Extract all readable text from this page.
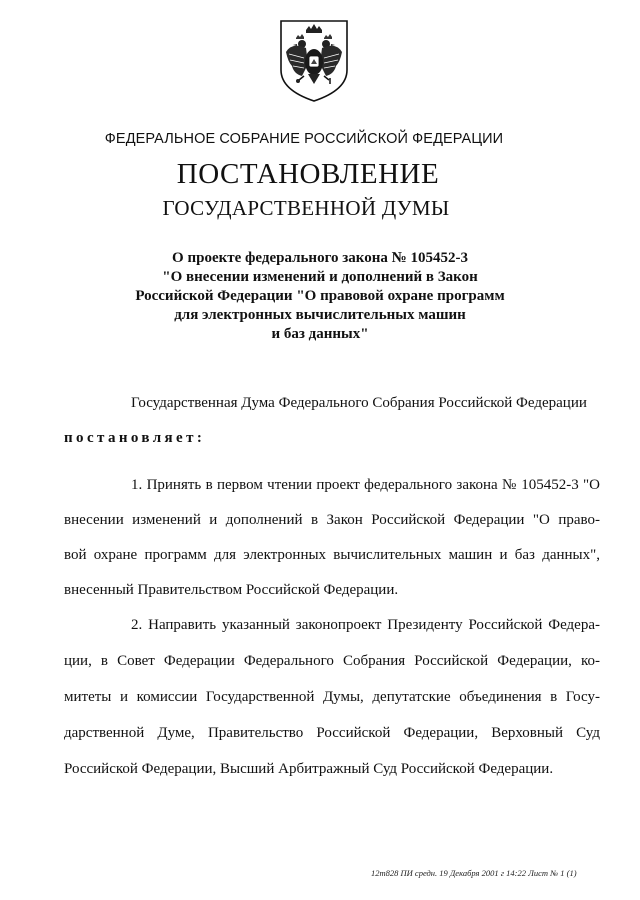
ФЕДЕРАЛЬНОЕ СОБРАНИЕ РОССИЙСКОЙ ФЕДЕРАЦИИ
ПОСТАНОВЛЕНИЕ
ГОСУДАРСТВЕННОЙ ДУМЫ
О проекте федерального закона № 105452-3
"О внесении изменений и дополнений в Закон
Российской Федерации "О правовой охране программ
для электронных вычислительных машин
и баз данных"
Государственная Дума Федерального Собрания Российской Федерации
постановляет:
1. Принять в первом чтении проект федерального закона № 105452-3 "О
внесении изменений и дополнений в Закон Российской Федерации "О право-
вой охране программ для электронных вычислительных машин и баз данных",
внесенный Правительством Российской Федерации.
2. Направить указанный законопроект Президенту Российской Федера-
ции, в Совет Федерации Федерального Собрания Российской Федерации, ко-
митеты и комиссии Государственной Думы, депутатские объединения в Госу-
дарственной Думе, Правительство Российской Федерации, Верховный Суд
Российской Федерации, Высший Арбитражный Суд Российской Федерации.
12m828 ПИ средн. 19 Декабря 2001 г 14:22 Лист № 1 (1)
